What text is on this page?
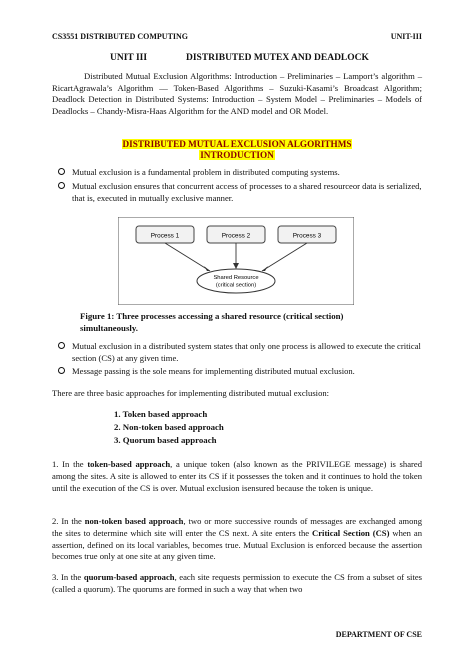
CS3551 DISTRIBUTED COMPUTING	UNIT-III
UNIT III	DISTRIBUTED MUTEX AND DEADLOCK
Distributed Mutual Exclusion Algorithms: Introduction – Preliminaries – Lamport’s algorithm – RicartAgrawala’s Algorithm –– Token-Based Algorithms – Suzuki-Kasami’s Broadcast Algorithm; Deadlock Detection in Distributed Systems: Introduction – System Model – Preliminaries – Models of Deadlocks – Chandy-Misra-Haas Algorithm for the AND model and OR Model.
DISTRIBUTED MUTUAL EXCLUSION ALGORITHMS
INTRODUCTION
Mutual exclusion is a fundamental problem in distributed computing systems.
Mutual exclusion ensures that concurrent access of processes to a shared resourceor data is serialized, that is, executed in mutually exclusive manner.
Process 1	Process 2	Process 3
Shared Resource
(critical section)
Figure 1: Three processes accessing a shared resource (critical section) simultaneously.
Mutual exclusion in a distributed system states that only one process is allowed to execute the critical section (CS) at any given time.
Message passing is the sole means for implementing distributed mutual exclusion.
There are three basic approaches for implementing distributed mutual exclusion:
1. Token based approach
2. Non-token based approach
3. Quorum based approach
1. In the token-based approach, a unique token (also known as the PRIVILEGE message) is shared among the sites. A site is allowed to enter its CS if it possesses the token and it continues to hold the token until the execution of the CS is over. Mutual exclusion isensured because the token is unique.
2. In the non-token based approach, two or more successive rounds of messages are exchanged among the sites to determine which site will enter the CS next. A site enters the Critical Section (CS) when an assertion, defined on its local variables, becomes true. Mutual Exclusion is enforced because the assertion becomes true only at one site at any given time.
3. In the quorum-based approach, each site requests permission to execute the CS from a subset of sites (called a quorum). The quorums are formed in such a way that when two
DEPARTMENT OF CSE
